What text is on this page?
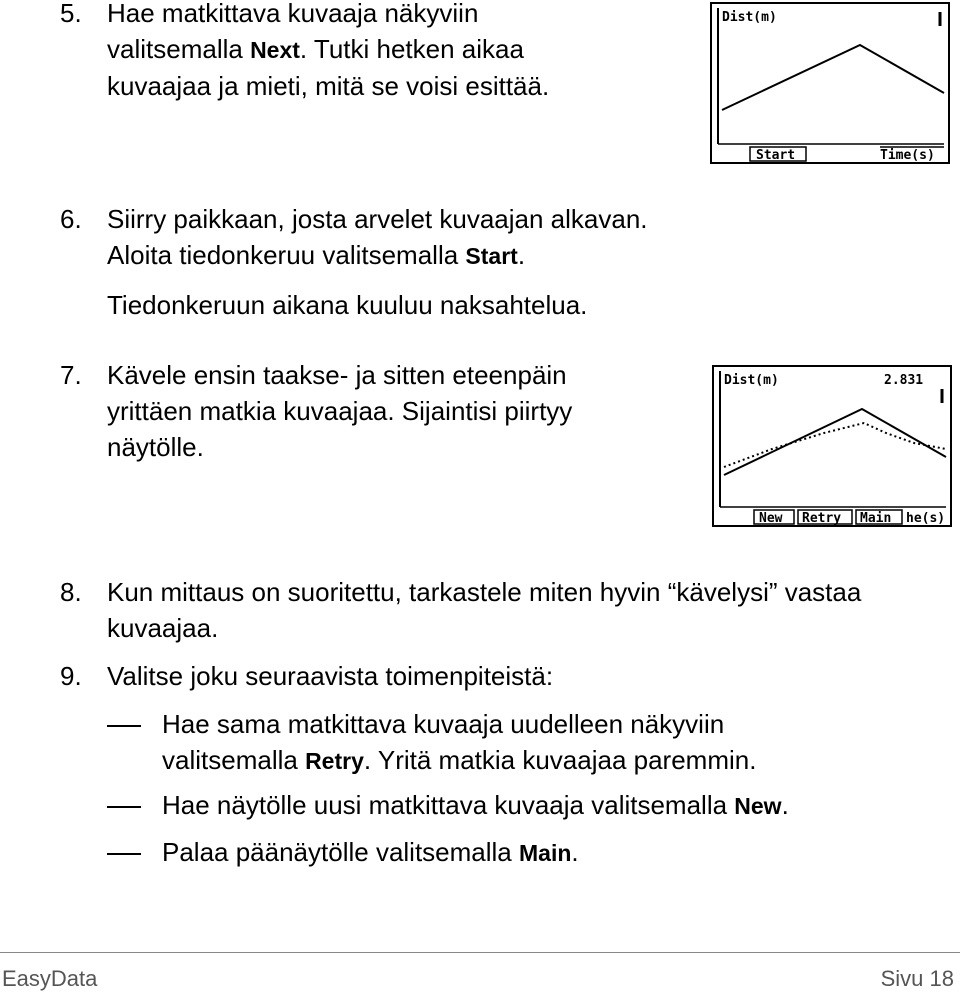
5. Hae matkittava kuvaaja näkyviin
valitsemalla Next. Tutki hetken aikaa
kuvaajaa ja mieti, mitä se voisi esittää.
6. Siirry paikkaan, josta arvelet kuvaajan alkavan.
Aloita tiedonkeruu valitsemalla Start.
Tiedonkeruun aikana kuuluu naksahtelua.
7. Kävele ensin taakse- ja sitten eteenpäin
yrittäen matkia kuvaajaa. Sijaintisi piirtyy
näytölle.
8. Kun mittaus on suoritettu, tarkastele miten hyvin “kävelysi” vastaa
kuvaajaa.
9. Valitse joku seuraavista toimenpiteistä:
Hae sama matkittava kuvaaja uudelleen näkyviin
valitsemalla Retry. Yritä matkia kuvaajaa paremmin.
Hae näytölle uusi matkittava kuvaaja valitsemalla New.
Palaa päänäytölle valitsemalla Main.
Dist(m)
Start	Time(s)
Dist(m)	2.831
New Retry Main he(s)
EasyData	Sivu 18
